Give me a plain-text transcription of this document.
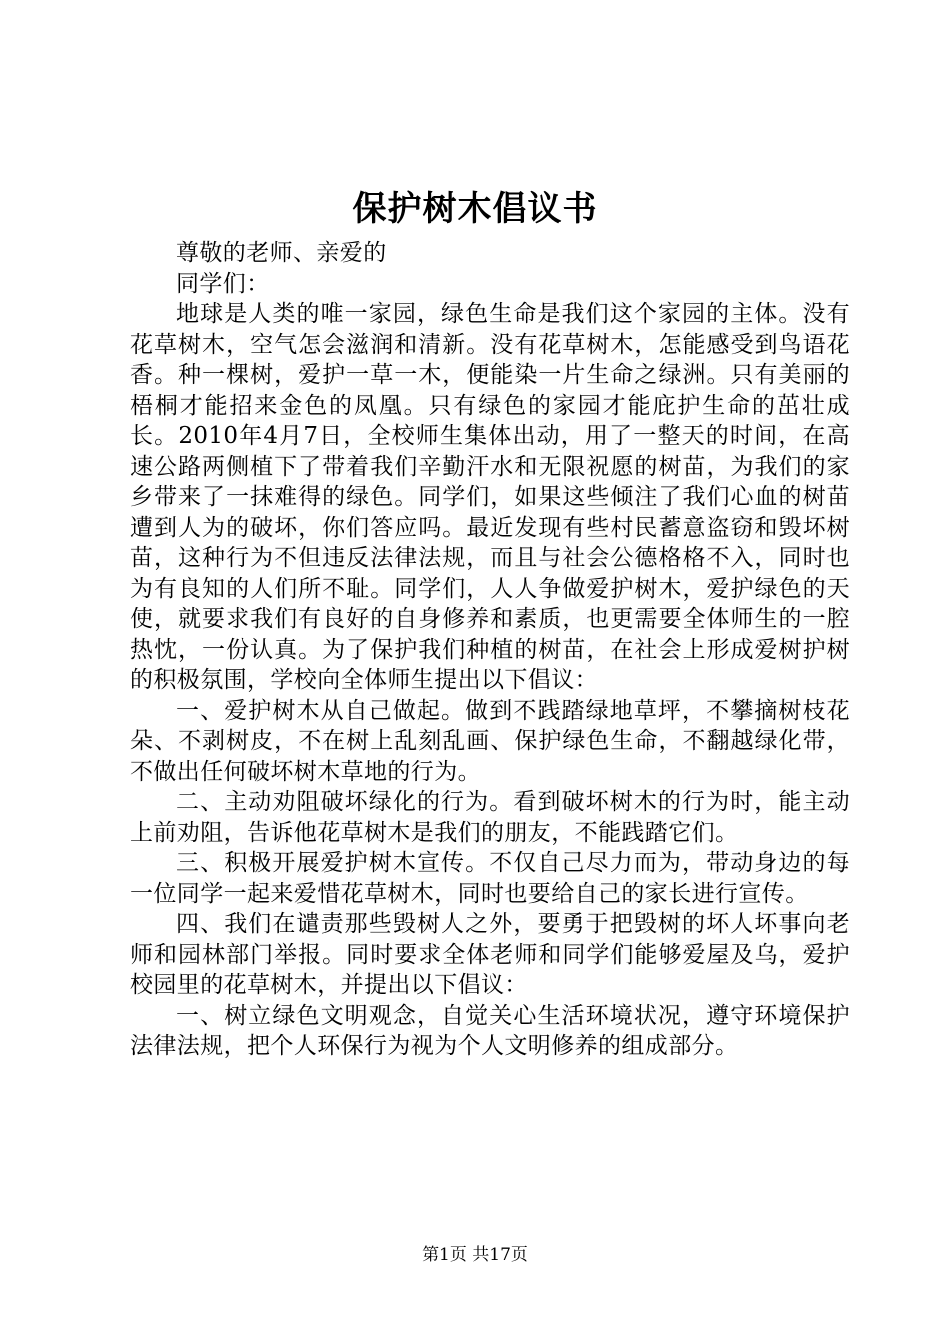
保护树木倡议书

尊敬的老师、亲爱的

同学们：

地球是人类的唯一家园，绿色生命是我们这个家园的主体。没有花草树木，空气怎会滋润和清新。没有花草树木，怎能感受到鸟语花香。种一棵树，爱护一草一木，便能染一片生命之绿洲。只有美丽的梧桐才能招来金色的凤凰。只有绿色的家园才能庇护生命的茁壮成长。2010年4月7日，全校师生集体出动，用了一整天的时间，在高速公路两侧植下了带着我们辛勤汗水和无限祝愿的树苗，为我们的家乡带来了一抹难得的绿色。同学们，如果这些倾注了我们心血的树苗遭到人为的破坏，你们答应吗。最近发现有些村民蓄意盗窃和毁坏树苗，这种行为不但违反法律法规，而且与社会公德格格不入，同时也为有良知的人们所不耻。同学们，人人争做爱护树木，爱护绿色的天使，就要求我们有良好的自身修养和素质，也更需要全体师生的一腔热忱，一份认真。为了保护我们种植的树苗，在社会上形成爱树护树的积极氛围，学校向全体师生提出以下倡议：

一、爱护树木从自己做起。做到不践踏绿地草坪，不攀摘树枝花朵、不剥树皮，不在树上乱刻乱画、保护绿色生命，不翻越绿化带，不做出任何破坏树木草地的行为。

二、主动劝阻破坏绿化的行为。看到破坏树木的行为时，能主动上前劝阻，告诉他花草树木是我们的朋友，不能践踏它们。

三、积极开展爱护树木宣传。不仅自己尽力而为，带动身边的每一位同学一起来爱惜花草树木，同时也要给自己的家长进行宣传。

四、我们在谴责那些毁树人之外，要勇于把毁树的坏人坏事向老师和园林部门举报。同时要求全体老师和同学们能够爱屋及乌，爱护校园里的花草树木，并提出以下倡议：

一、树立绿色文明观念，自觉关心生活环境状况，遵守环境保护法律法规，把个人环保行为视为个人文明修养的组成部分。

第1页 共17页
